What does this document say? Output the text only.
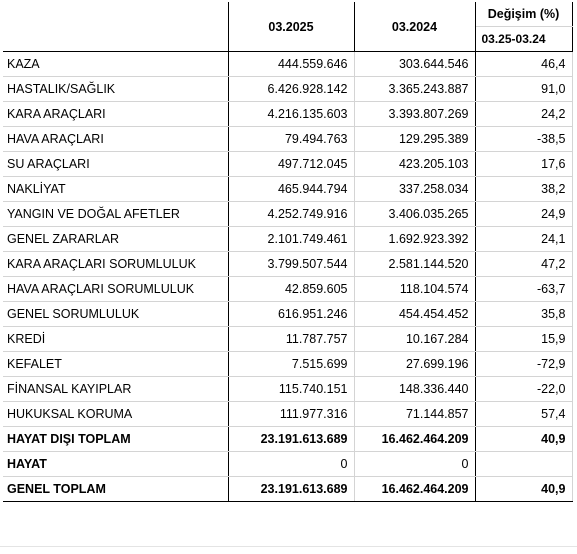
	03.2025	03.2024	Değişim (%)
			03.25-03.24
KAZA	444.559.646	303.644.546	46,4
HASTALIK/SAĞLIK	6.426.928.142	3.365.243.887	91,0
KARA ARAÇLARI	4.216.135.603	3.393.807.269	24,2
HAVA ARAÇLARI	79.494.763	129.295.389	-38,5
SU ARAÇLARI	497.712.045	423.205.103	17,6
NAKLİYAT	465.944.794	337.258.034	38,2
YANGIN VE DOĞAL AFETLER	4.252.749.916	3.406.035.265	24,9
GENEL ZARARLAR	2.101.749.461	1.692.923.392	24,1
KARA ARAÇLARI SORUMLULUK	3.799.507.544	2.581.144.520	47,2
HAVA ARAÇLARI SORUMLULUK	42.859.605	118.104.574	-63,7
GENEL SORUMLULUK	616.951.246	454.454.452	35,8
KREDİ	11.787.757	10.167.284	15,9
KEFALET	7.515.699	27.699.196	-72,9
FİNANSAL KAYIPLAR	115.740.151	148.336.440	-22,0
HUKUKSAL KORUMA	111.977.316	71.144.857	57,4
HAYAT DIŞI TOPLAM	23.191.613.689	16.462.464.209	40,9
HAYAT	0	0	
GENEL TOPLAM	23.191.613.689	16.462.464.209	40,9
